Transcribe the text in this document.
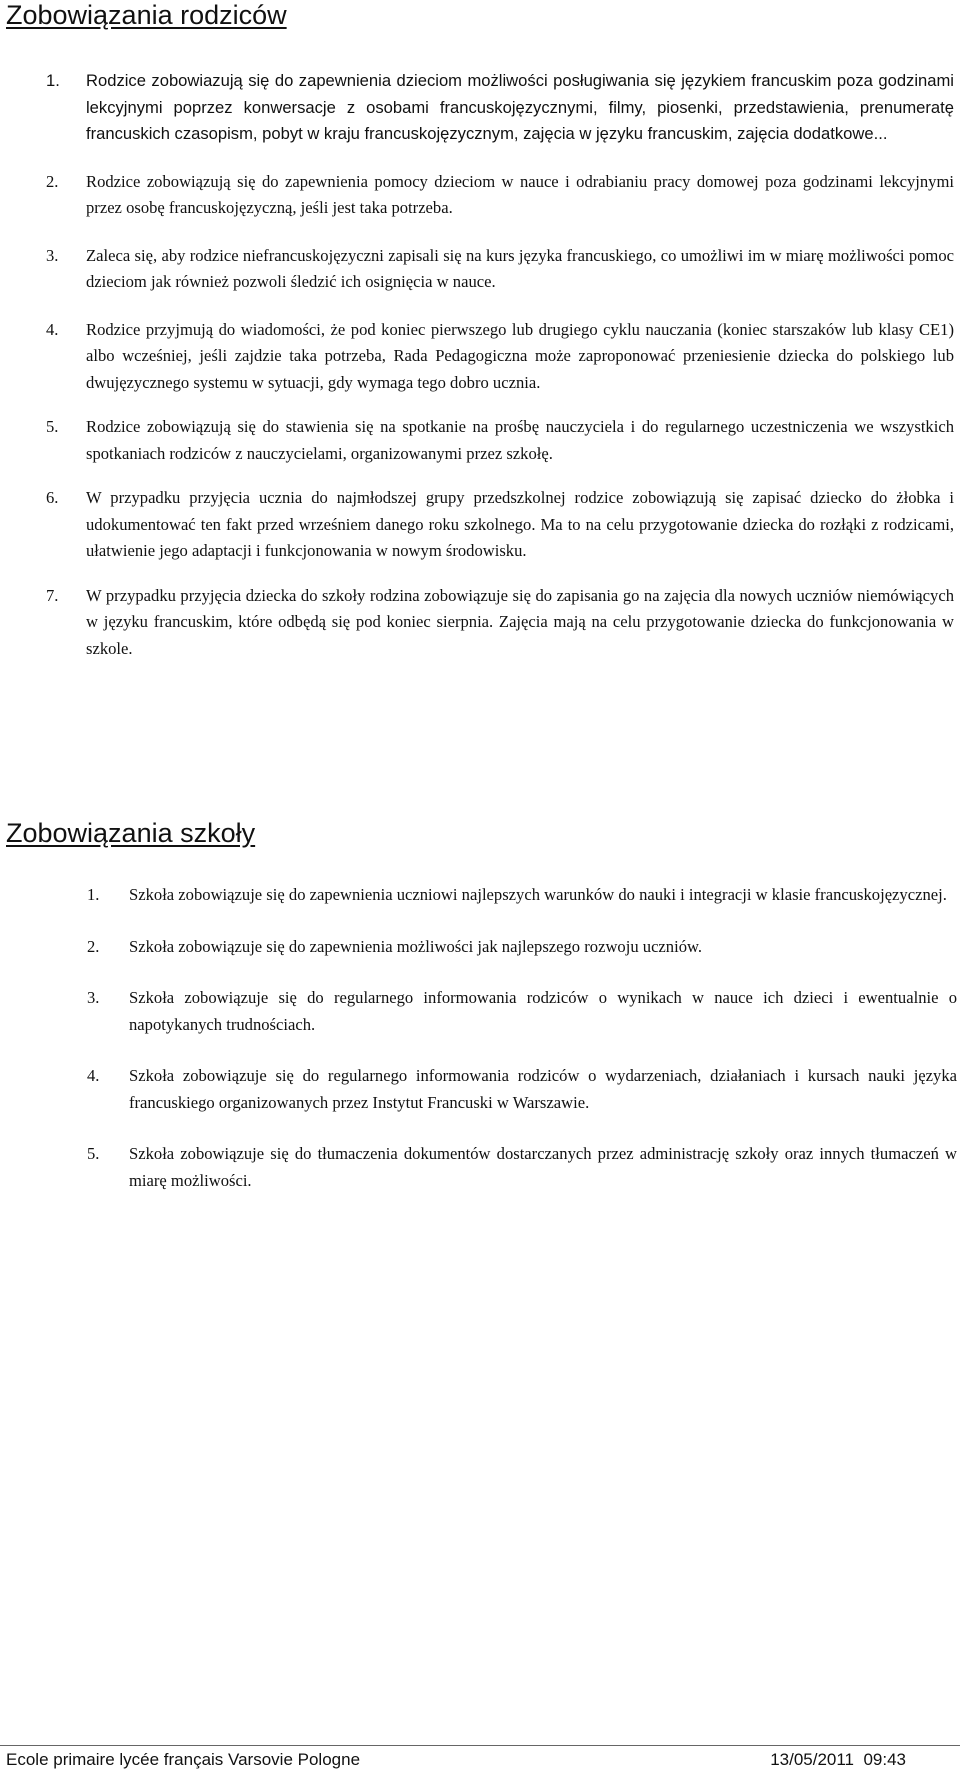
Zobowiązania rodziców
1. Rodzice zobowiazują się do zapewnienia dzieciom możliwości posługiwania się językiem francuskim poza godzinami lekcyjnymi poprzez konwersacje z osobami francuskojęzycznymi, filmy, piosenki, przedstawienia, prenumeratę francuskich czasopism, pobyt w kraju francuskojęzycznym, zajęcia w języku francuskim, zajęcia dodatkowe...
2. Rodzice zobowiązują się do zapewnienia pomocy dzieciom w nauce i odrabianiu pracy domowej poza godzinami lekcyjnymi przez osobę francuskojęzyczną, jeśli jest taka potrzeba.
3. Zaleca się, aby rodzice niefrancuskojęzyczni zapisali się na kurs języka francuskiego, co umożliwi im w miarę możliwości pomoc dzieciom jak również pozwoli śledzić ich osignięcia w nauce.
4. Rodzice przyjmują do wiadomości, że pod koniec pierwszego lub drugiego cyklu nauczania (koniec starszaków lub klasy CE1) albo wcześniej, jeśli zajdzie taka potrzeba, Rada Pedagogiczna może zaproponować przeniesienie dziecka do polskiego lub dwujęzycznego systemu w sytuacji, gdy wymaga tego dobro ucznia.
5. Rodzice zobowiązują się do stawienia się na spotkanie na prośbę nauczyciela i do regularnego uczestniczenia we wszystkich spotkaniach rodziców z nauczycielami, organizowanymi przez szkołę.
6. W przypadku przyjęcia ucznia do najmłodszej grupy przedszkolnej rodzice zobowiązują się zapisać dziecko do żłobka i udokumentować ten fakt przed wrześniem danego roku szkolnego. Ma to na celu przygotowanie dziecka do rozłąki z rodzicami, ułatwienie jego adaptacji i funkcjonowania w nowym środowisku.
7. W przypadku przyjęcia dziecka do szkoły rodzina zobowiązuje się do zapisania go na zajęcia dla nowych uczniów niemówiących w języku francuskim, które odbędą się pod koniec sierpnia. Zajęcia mają na celu przygotowanie dziecka do funkcjonowania w szkole.
Zobowiązania szkoły
1. Szkoła zobowiązuje się do zapewnienia uczniowi najlepszych warunków do nauki i integracji w klasie francuskojęzycznej.
2. Szkoła zobowiązuje się do zapewnienia możliwości jak najlepszego rozwoju uczniów.
3. Szkoła zobowiązuje się do regularnego informowania rodziców o wynikach w nauce ich dzieci i ewentualnie o napotykanych trudnościach.
4. Szkoła zobowiązuje się do regularnego informowania rodziców o wydarzeniach, działaniach i kursach nauki języka francuskiego organizowanych przez Instytut Francuski w Warszawie.
5. Szkoła zobowiązuje się do tłumaczenia dokumentów dostarczanych przez administrację szkoły oraz innych tłumaczeń w miarę możliwości.
Ecole primaire lycée français Varsovie Pologne	13/05/2011  09:43
